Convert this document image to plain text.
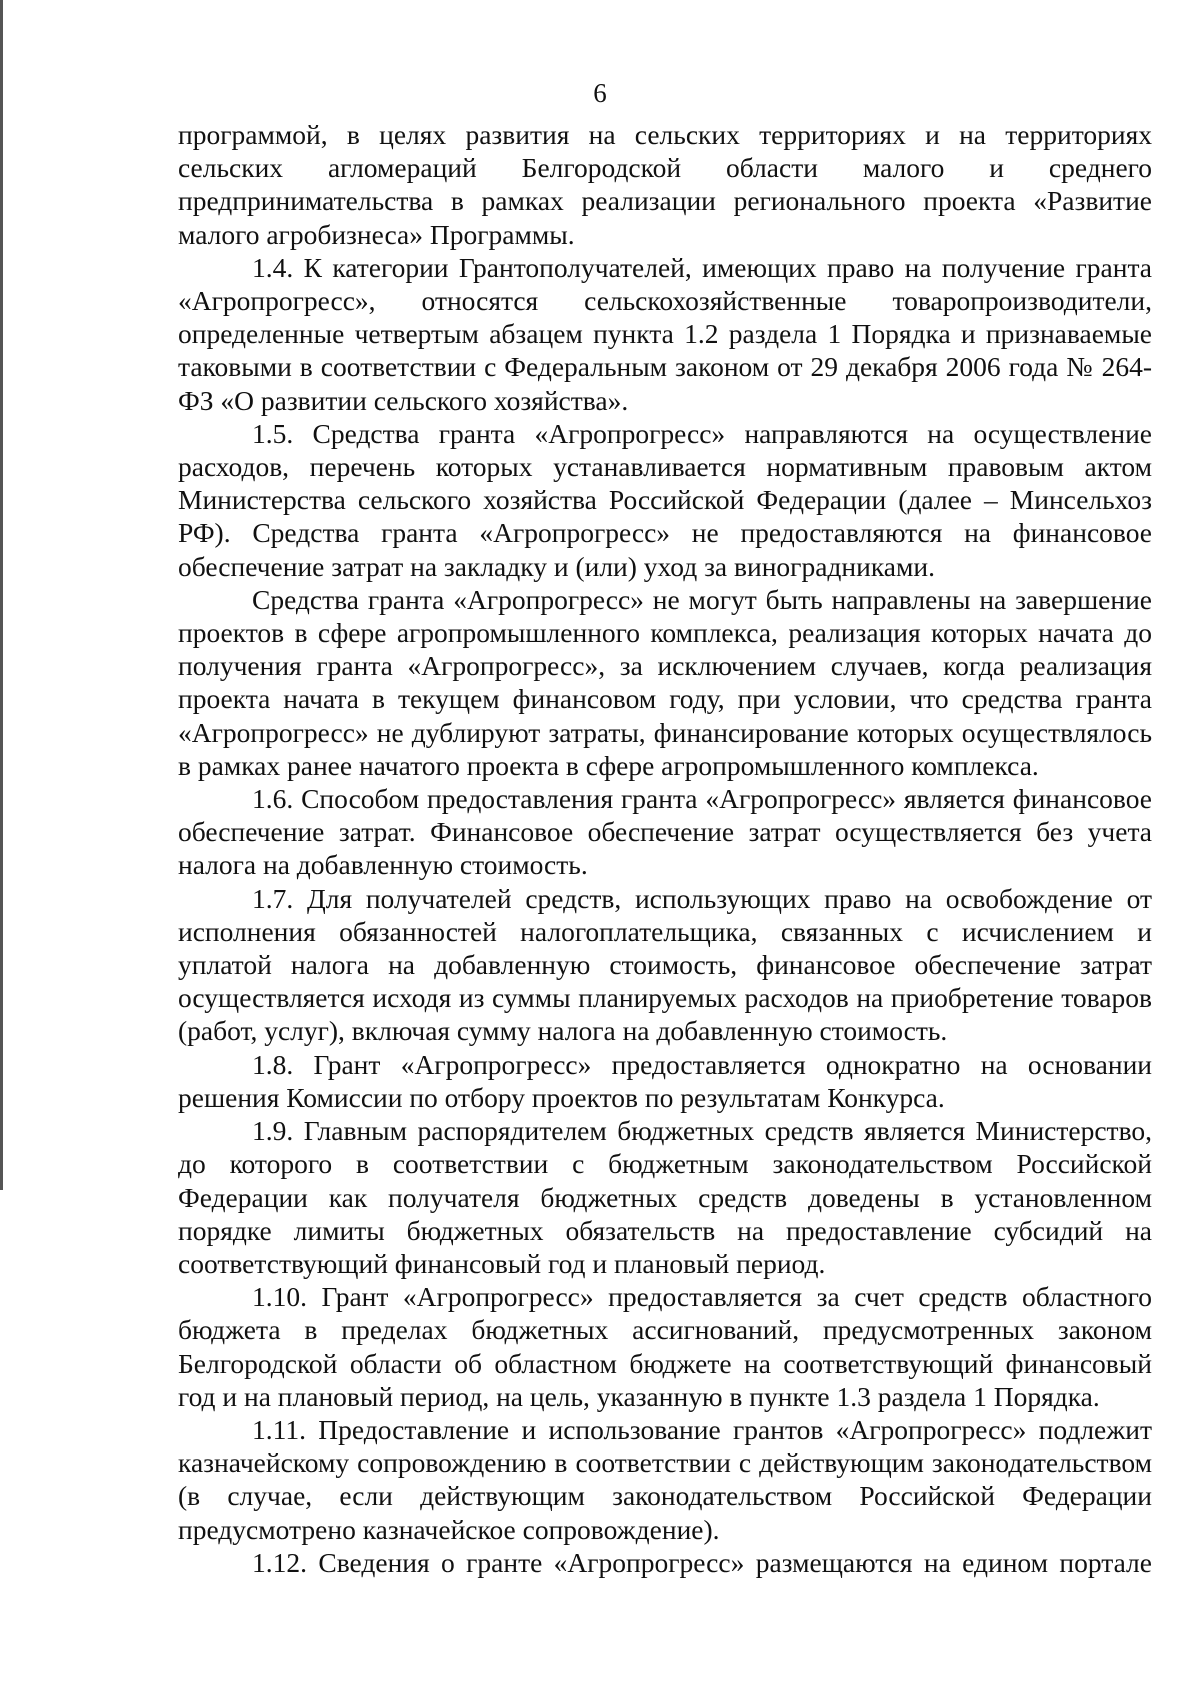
6

программой, в целях развития на сельских территориях и на территориях сельских агломераций Белгородской области малого и среднего предпринимательства в рамках реализации регионального проекта «Развитие малого агробизнеса» Программы.

1.4. К категории Грантополучателей, имеющих право на получение гранта «Агропрогресс», относятся сельскохозяйственные товаропроизводители, определенные четвертым абзацем пункта 1.2 раздела 1 Порядка и признаваемые таковыми в соответствии с Федеральным законом от 29 декабря 2006 года № 264-ФЗ «О развитии сельского хозяйства».

1.5. Средства гранта «Агропрогресс» направляются на осуществление расходов, перечень которых устанавливается нормативным правовым актом Министерства сельского хозяйства Российской Федерации (далее – Минсельхоз РФ). Средства гранта «Агропрогресс» не предоставляются на финансовое обеспечение затрат на закладку и (или) уход за виноградниками.

Средства гранта «Агропрогресс» не могут быть направлены на завершение проектов в сфере агропромышленного комплекса, реализация которых начата до получения гранта «Агропрогресс», за исключением случаев, когда реализация проекта начата в текущем финансовом году, при условии, что средства гранта «Агропрогресс» не дублируют затраты, финансирование которых осуществлялось в рамках ранее начатого проекта в сфере агропромышленного комплекса.

1.6. Способом предоставления гранта «Агропрогресс» является финансовое обеспечение затрат. Финансовое обеспечение затрат осуществляется без учета налога на добавленную стоимость.

1.7. Для получателей средств, использующих право на освобождение от исполнения обязанностей налогоплательщика, связанных с исчислением и уплатой налога на добавленную стоимость, финансовое обеспечение затрат осуществляется исходя из суммы планируемых расходов на приобретение товаров (работ, услуг), включая сумму налога на добавленную стоимость.

1.8. Грант «Агропрогресс» предоставляется однократно на основании решения Комиссии по отбору проектов по результатам Конкурса.

1.9. Главным распорядителем бюджетных средств является Министерство, до которого в соответствии с бюджетным законодательством Российской Федерации как получателя бюджетных средств доведены в установленном порядке лимиты бюджетных обязательств на предоставление субсидий на соответствующий финансовый год и плановый период.

1.10. Грант «Агропрогресс» предоставляется за счет средств областного бюджета в пределах бюджетных ассигнований, предусмотренных законом Белгородской области об областном бюджете на соответствующий финансовый год и на плановый период, на цель, указанную в пункте 1.3 раздела 1 Порядка.

1.11. Предоставление и использование грантов «Агропрогресс» подлежит казначейскому сопровождению в соответствии с действующим законодательством (в случае, если действующим законодательством Российской Федерации предусмотрено казначейское сопровождение).

1.12. Сведения о гранте «Агропрогресс» размещаются на едином портале
